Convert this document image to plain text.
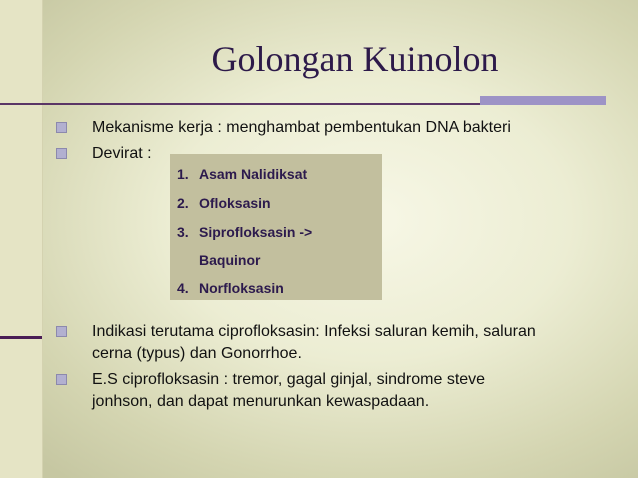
Golongan Kuinolon
Mekanisme kerja : menghambat pembentukan DNA bakteri
Devirat :
1. Asam Nalidiksat
2. Ofloksasin
3. Siprofloksasin ->
Baquinor
4. Norfloksasin
Indikasi terutama ciprofloksasin: Infeksi saluran kemih, saluran
cerna (typus) dan Gonorrhoe.
E.S ciprofloksasin : tremor, gagal ginjal, sindrome steve
jonhson, dan dapat menurunkan kewaspadaan.
